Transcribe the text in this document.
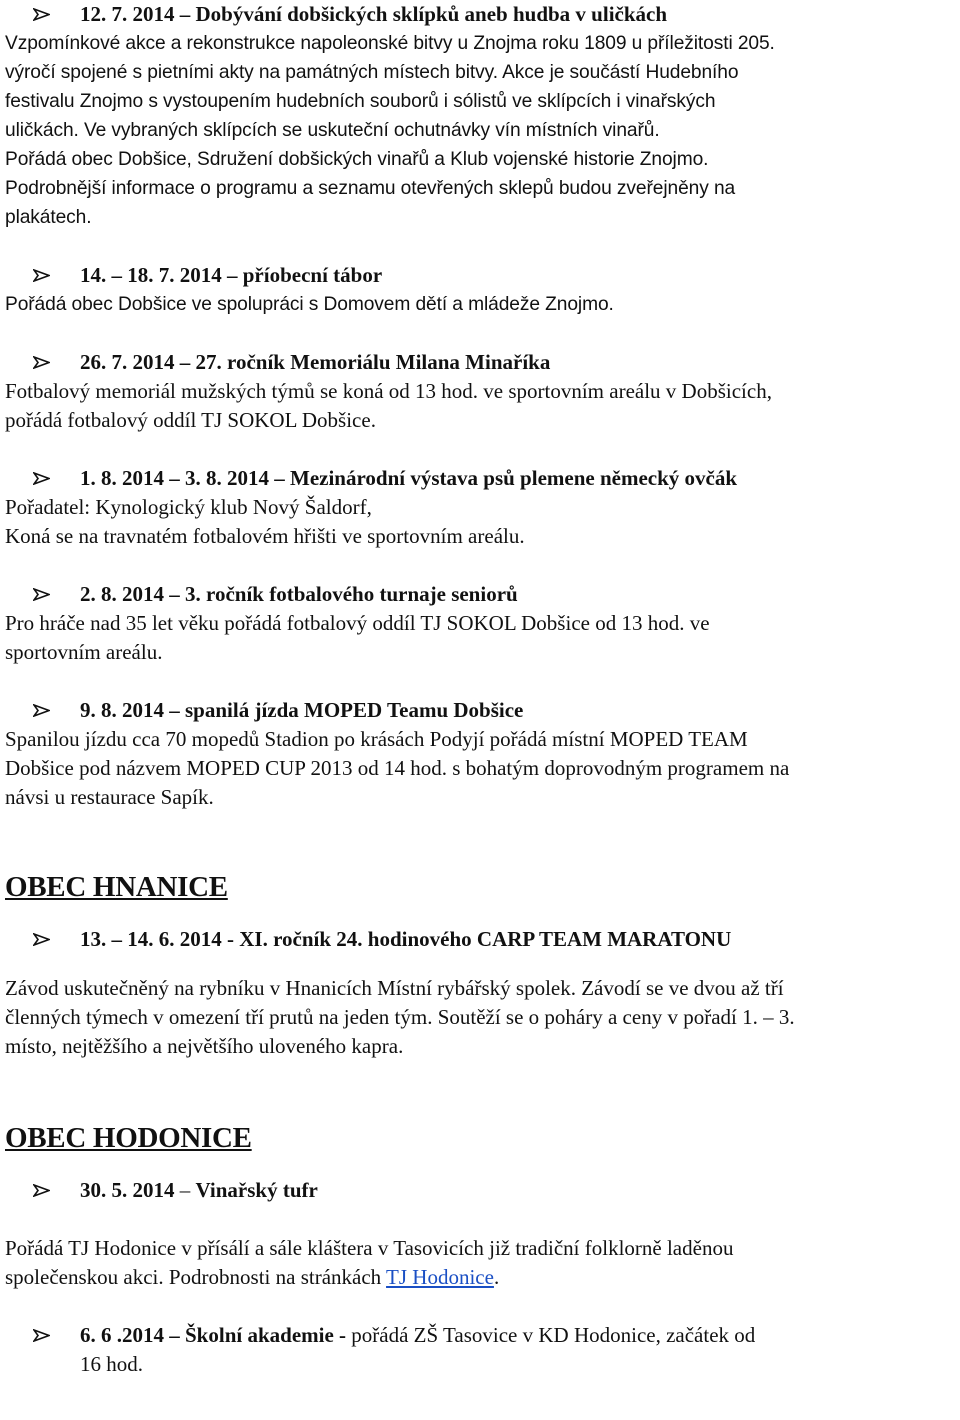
12. 7. 2014 – Dobývání dobšických sklípků aneb hudba v uličkách
Vzpomínkové akce a rekonstrukce napoleonské bitvy u Znojma roku 1809 u příležitosti 205.
výročí spojené s pietními akty na památných místech bitvy. Akce je součástí Hudebního
festivalu Znojmo s vystoupením hudebních souborů i sólistů ve sklípcích i vinařských
uličkách. Ve vybraných sklípcích se uskuteční ochutnávky vín místních vinařů.
Pořádá obec Dobšice, Sdružení dobšických vinařů a Klub vojenské historie Znojmo.
Podrobnější informace o programu a seznamu otevřených sklepů budou zveřejněny na
plakátech.
14. – 18. 7. 2014 – příobecní tábor
Pořádá obec Dobšice ve spolupráci s Domovem dětí a mládeže Znojmo.
26. 7. 2014 – 27. ročník Memoriálu Milana Minaříka
Fotbalový memoriál mužských týmů se koná od 13 hod. ve sportovním areálu v Dobšicích,
pořádá fotbalový oddíl TJ SOKOL Dobšice.
1. 8. 2014 – 3. 8. 2014 – Mezinárodní výstava psů plemene německý ovčák
Pořadatel: Kynologický klub Nový Šaldorf,
Koná se na travnatém fotbalovém hřišti ve sportovním areálu.
2. 8. 2014 – 3. ročník fotbalového turnaje seniorů
Pro hráče nad 35 let věku pořádá fotbalový oddíl TJ SOKOL Dobšice od 13 hod. ve
sportovním areálu.
9. 8. 2014 – spanilá jízda MOPED Teamu Dobšice
Spanilou jízdu cca 70 mopedů Stadion po krásách Podyjí pořádá místní MOPED TEAM
Dobšice pod názvem MOPED CUP 2013 od 14 hod. s bohatým doprovodným programem na
návsi u restaurace Sapík.
OBEC HNANICE
13. – 14. 6. 2014 - XI. ročník 24. hodinového CARP TEAM MARATONU
Závod uskutečněný na rybníku v Hnanicích Místní rybářský spolek. Závodí se ve dvou až tří
členných týmech v omezení tří prutů na jeden tým. Soutěží se o poháry a ceny v pořadí 1. – 3.
místo, nejtěžšího a největšího uloveného kapra.
OBEC HODONICE
30. 5. 2014 – Vinařský tufr
Pořádá TJ Hodonice v přísálí a sále kláštera v Tasovicích již tradiční folklorně laděnou
společenskou akci. Podrobnosti na stránkách TJ Hodonice.
6. 6 .2014 – Školní akademie - pořádá ZŠ Tasovice v KD Hodonice, začátek od
16 hod.
